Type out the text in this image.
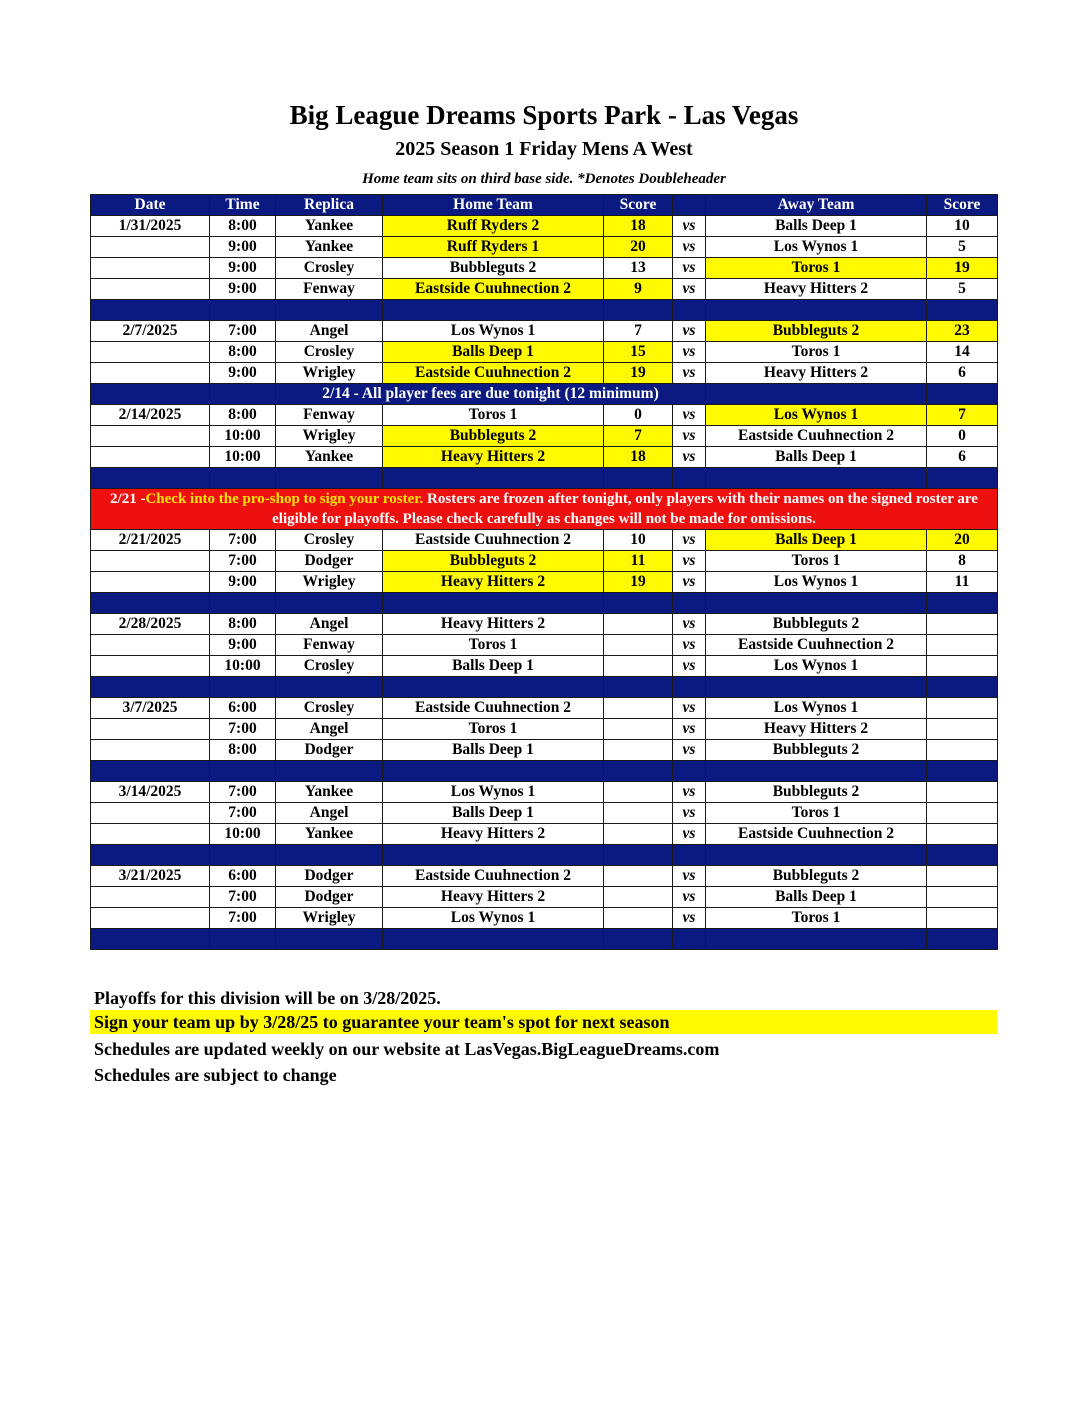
Big League Dreams Sports Park - Las Vegas
2025 Season 1 Friday Mens A West
Home team sits on third base side. *Denotes Doubleheader
Date	Time	Replica	Home Team	Score		Away Team	Score
1/31/2025	8:00	Yankee	Ruff Ryders 2	18	vs	Balls Deep 1	10
	9:00	Yankee	Ruff Ryders 1	20	vs	Los Wynos 1	5
	9:00	Crosley	Bubbleguts 2	13	vs	Toros 1	19
	9:00	Fenway	Eastside Cuuhnection 2	9	vs	Heavy Hitters 2	5

2/7/2025	7:00	Angel	Los Wynos 1	7	vs	Bubbleguts 2	23
	8:00	Crosley	Balls Deep 1	15	vs	Toros 1	14
	9:00	Wrigley	Eastside Cuuhnection 2	19	vs	Heavy Hitters 2	6
		2/14 - All player fees are due tonight (12 minimum)					
2/14/2025	8:00	Fenway	Toros 1	0	vs	Los Wynos 1	7
	10:00	Wrigley	Bubbleguts 2	7	vs	Eastside Cuuhnection 2	0
	10:00	Yankee	Heavy Hitters 2	18	vs	Balls Deep 1	6

2/21 -Check into the pro-shop to sign your roster. Rosters are frozen after tonight, only players with their names on the signed roster are eligible for playoffs. Please check carefully as changes will not be made for omissions.							
2/21/2025	7:00	Crosley	Eastside Cuuhnection 2	10	vs	Balls Deep 1	20
	7:00	Dodger	Bubbleguts 2	11	vs	Toros 1	8
	9:00	Wrigley	Heavy Hitters 2	19	vs	Los Wynos 1	11

2/28/2025	8:00	Angel	Heavy Hitters 2		vs	Bubbleguts 2	
	9:00	Fenway	Toros 1		vs	Eastside Cuuhnection 2	
	10:00	Crosley	Balls Deep 1		vs	Los Wynos 1	

3/7/2025	6:00	Crosley	Eastside Cuuhnection 2		vs	Los Wynos 1	
	7:00	Angel	Toros 1		vs	Heavy Hitters 2	
	8:00	Dodger	Balls Deep 1		vs	Bubbleguts 2	

3/14/2025	7:00	Yankee	Los Wynos 1		vs	Bubbleguts 2	
	7:00	Angel	Balls Deep 1		vs	Toros 1	
	10:00	Yankee	Heavy Hitters 2		vs	Eastside Cuuhnection 2	

3/21/2025	6:00	Dodger	Eastside Cuuhnection 2		vs	Bubbleguts 2	
	7:00	Dodger	Heavy Hitters 2		vs	Balls Deep 1	
	7:00	Wrigley	Los Wynos 1		vs	Toros 1	

Playoffs for this division will be on 3/28/2025.
Sign your team up by 3/28/25 to guarantee your team's spot for next season
Schedules are updated weekly on our website at LasVegas.BigLeagueDreams.com
Schedules are subject to change
